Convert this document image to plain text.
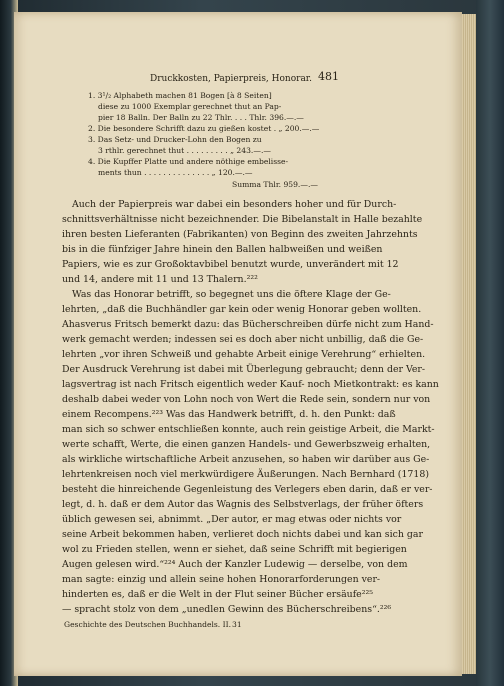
Druckkosten, Papierpreis, Honorar. 481
1. 3¹/₂ Alphabeth machen 81 Bogen [à 8 Seiten]
diese zu 1000 Exemplar gerechnet thut an Pap-
pier 18 Balln. Der Balln zu 22 Thlr. . . . Thlr. 396.—.—
2. Die besondere Schrifft dazu zu gießen kostet . „ 200.—.—
3. Das Setz- und Drucker-Lohn den Bogen zu
3 rthlr. gerechnet thut . . . . . . . . . „ 243.—.—
4. Die Kupffer Platte und andere nöthige embelisse-
ments thun . . . . . . . . . . . . . . „ 120.—.—
Summa Thlr. 959.—.—
Auch der Papierpreis war dabei ein besonders hoher und für Durch-
schnittsverhältnisse nicht bezeichnender. Die Bibelanstalt in Halle bezahlte
ihren besten Lieferanten (Fabrikanten) von Beginn des zweiten Jahrzehnts
bis in die fünfziger Jahre hinein den Ballen halbweißen und weißen
Papiers, wie es zur Großoktavbibel benutzt wurde, unverändert mit 12
und 14, andere mit 11 und 13 Thalern.²²²
Was das Honorar betrifft, so begegnet uns die öftere Klage der Ge-
lehrten, „daß die Buchhändler gar kein oder wenig Honorar geben wollten.
Ahasverus Fritsch bemerkt dazu: das Bücherschreiben dürfe nicht zum Hand-
werk gemacht werden; indessen sei es doch aber nicht unbillig, daß die Ge-
lehrten „vor ihren Schweiß und gehabte Arbeit einige Verehrung“ erhielten.
Der Ausdruck Verehrung ist dabei mit Überlegung gebraucht; denn der Ver-
lagsvertrag ist nach Fritsch eigentlich weder Kauf- noch Mietkontrakt: es kann
deshalb dabei weder von Lohn noch von Wert die Rede sein, sondern nur von
einem Recompens.²²³ Was das Handwerk betrifft, d. h. den Punkt: daß
man sich so schwer entschließen konnte, auch rein geistige Arbeit, die Markt-
werte schafft, Werte, die einen ganzen Handels- und Gewerbszweig erhalten,
als wirkliche wirtschaftliche Arbeit anzusehen, so haben wir darüber aus Ge-
lehrtenkreisen noch viel merkwürdigere Äußerungen. Nach Bernhard (1718)
besteht die hinreichende Gegenleistung des Verlegers eben darin, daß er ver-
legt, d. h. daß er dem Autor das Wagnis des Selbstverlags, der früher öfters
üblich gewesen sei, abnimmt. „Der autor, er mag etwas oder nichts vor
seine Arbeit bekommen haben, verlieret doch nichts dabei und kan sich gar
wol zu Frieden stellen, wenn er siehet, daß seine Schrifft mit begierigen
Augen gelesen wird.“²²⁴ Auch der Kanzler Ludewig — derselbe, von dem
man sagte: einzig und allein seine hohen Honorarforderungen ver-
hinderten es, daß er die Welt in der Flut seiner Bücher ersäufe²²⁵
— spracht stolz von dem „unedlen Gewinn des Bücherschreibens“.²²⁶
Geschichte des Deutschen Buchhandels. II. 31
